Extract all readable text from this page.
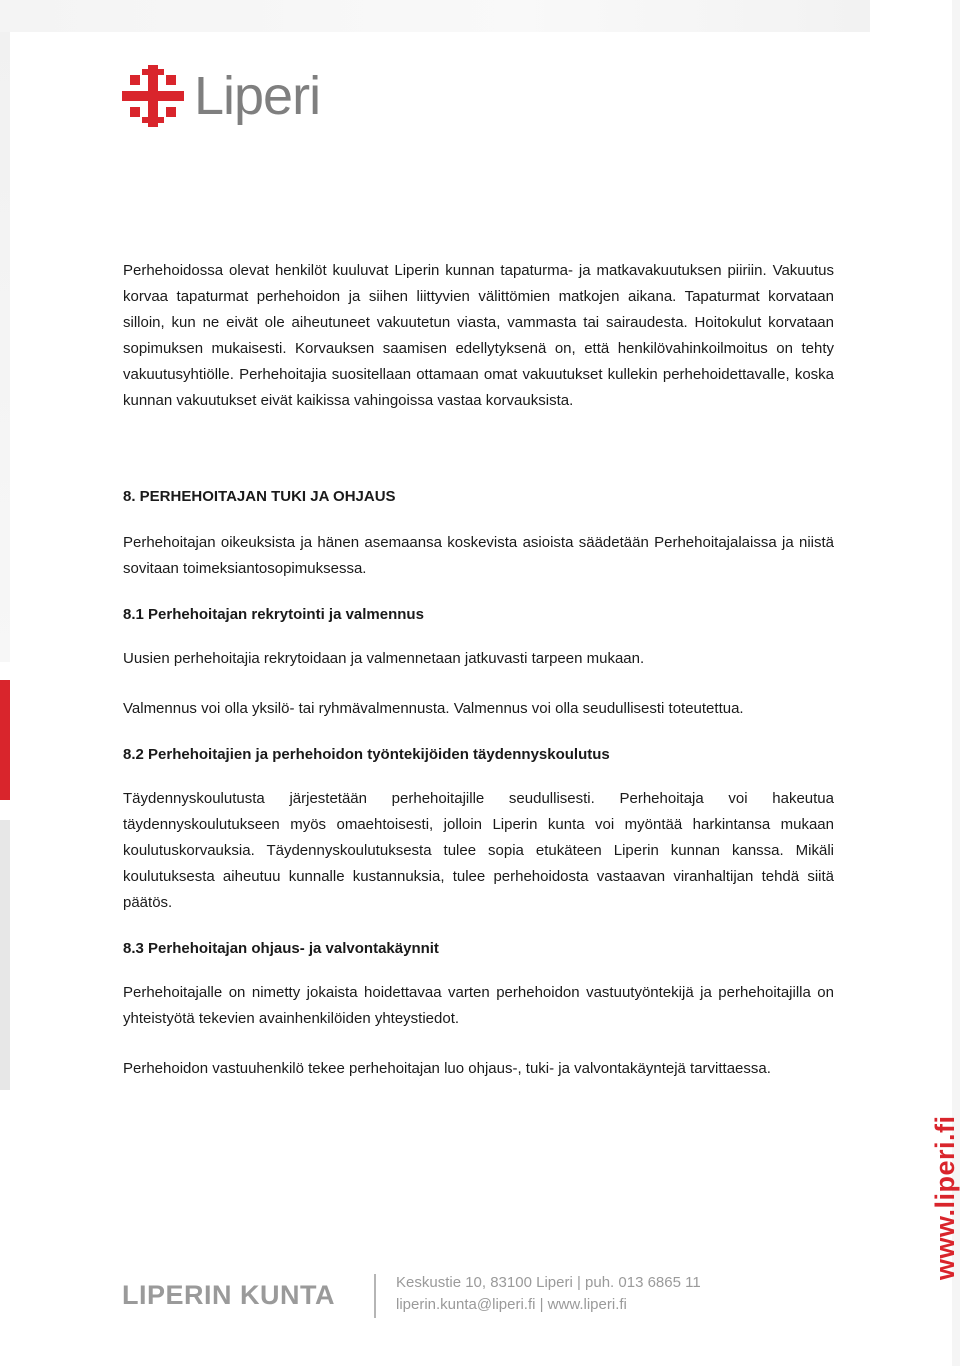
Liperi

Perhehoidossa olevat henkilöt kuuluvat Liperin kunnan tapaturma- ja matkavakuutuksen piiriin. Vakuutus korvaa tapaturmat perhehoidon ja siihen liittyvien välittömien matkojen aikana. Tapaturmat korvataan silloin, kun ne eivät ole aiheutuneet vakuutetun viasta, vammasta tai sairaudesta. Hoitokulut korvataan sopimuksen mukaisesti. Korvauksen saamisen edellytyksenä on, että henkilövahinkoilmoitus on tehty vakuutusyhtiölle. Perhehoitajia suositellaan ottamaan omat vakuutukset kullekin perhehoidettavalle, koska kunnan vakuutukset eivät kaikissa vahingoissa vastaa korvauksista.

8. PERHEHOITAJAN TUKI JA OHJAUS

Perhehoitajan oikeuksista ja hänen asemaansa koskevista asioista säädetään Perhehoitajalaissa ja niistä sovitaan toimeksiantosopimuksessa.

8.1 Perhehoitajan rekrytointi ja valmennus

Uusien perhehoitajia rekrytoidaan ja valmennetaan jatkuvasti tarpeen mukaan.

Valmennus voi olla yksilö- tai ryhmävalmennusta. Valmennus voi olla seudullisesti toteutettua.

8.2 Perhehoitajien ja perhehoidon työntekijöiden täydennyskoulutus

Täydennyskoulutusta järjestetään perhehoitajille seudullisesti. Perhehoitaja voi hakeutua täydennyskoulutukseen myös omaehtoisesti, jolloin Liperin kunta voi myöntää harkintansa mukaan koulutuskorvauksia. Täydennyskoulutuksesta tulee sopia etukäteen Liperin kunnan kanssa. Mikäli koulutuksesta aiheutuu kunnalle kustannuksia, tulee perhehoidosta vastaavan viranhaltijan tehdä siitä päätös.

8.3 Perhehoitajan ohjaus- ja valvontakäynnit

Perhehoitajalle on nimetty jokaista hoidettavaa varten perhehoidon vastuutyöntekijä ja perhehoitajilla on yhteistyötä tekevien avainhenkilöiden yhteystiedot.

Perhehoidon vastuuhenkilö tekee perhehoitajan luo ohjaus-, tuki- ja valvontakäyntejä tarvittaessa.

LIPERIN KUNTA	Keskustie 10, 83100 Liperi | puh. 013 6865 11
liperin.kunta@liperi.fi | www.liperi.fi
www.liperi.fi
